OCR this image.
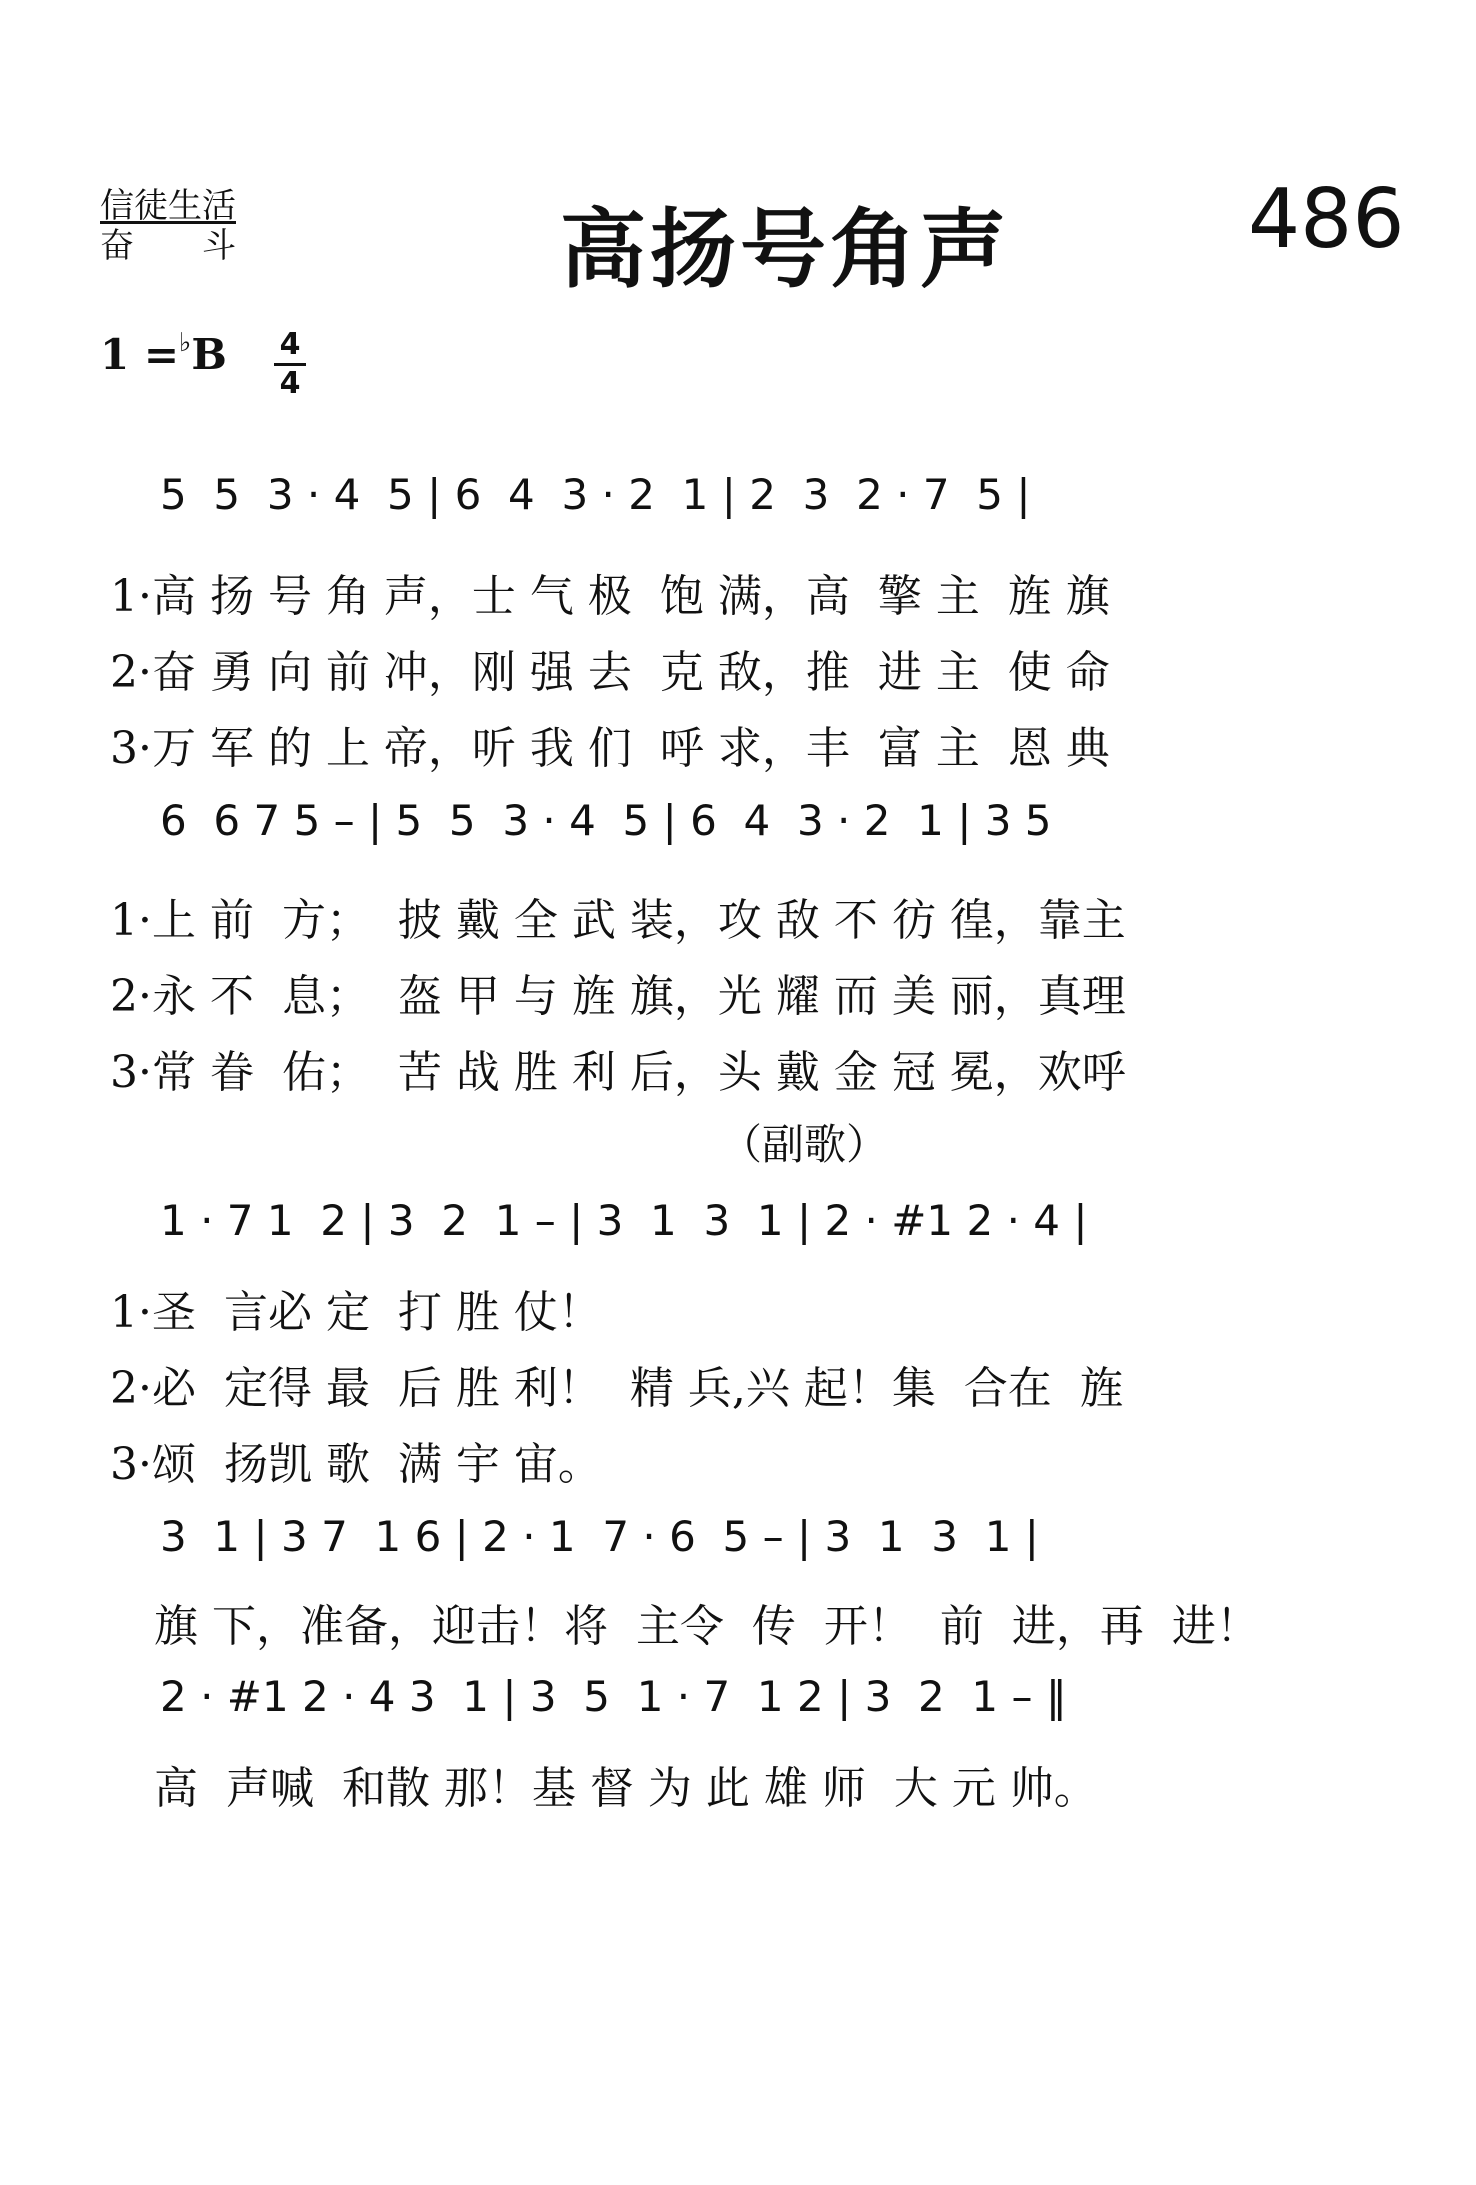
信徒生活
奋　　斗	高扬号角声	486
1 =♭B 4
4
5  5  3 · 4  5 | 6  4  3 · 2  1 | 2  3  2 · 7  5 |
1·高 扬 号 角 声，士 气 极  饱 满，高  擎 主  旌 旗
2·奋 勇 向 前 冲，刚 强 去  克 敌，推  进 主  使 命
3·万 军 的 上 帝，听 我 们  呼 求，丰  富 主  恩 典
6  6 7 5 – | 5  5  3 · 4  5 | 6  4  3 · 2  1 | 3 5
1·上 前  方；  披 戴 全 武 装，攻 敌 不 彷 徨，靠主
2·永 不  息；  盔 甲 与 旌 旗，光 耀 而 美 丽，真理
3·常 眷  佑；  苦 战 胜 利 后，头 戴 金 冠 冕，欢呼
（副歌）
1 · 7 1  2 | 3  2  1 – | 3  1  3  1 | 2 · #1 2 · 4 |
1·圣  言必 定  打 胜 仗！
2·必  定得 最  后 胜 利！  精 兵,兴 起！集  合在  旌
3·颂  扬凯 歌  满 宇 宙。
3  1 | 3 7  1 6 | 2 · 1  7 · 6  5 – | 3  1  3  1 |
旗 下，准备，迎击！将  主令  传  开！  前  进，再  进！
2 · #1 2 · 4 3  1 | 3  5  1 · 7  1 2 | 3  2  1 – ‖
高  声喊  和散 那！基 督 为 此 雄 师  大 元 帅。
